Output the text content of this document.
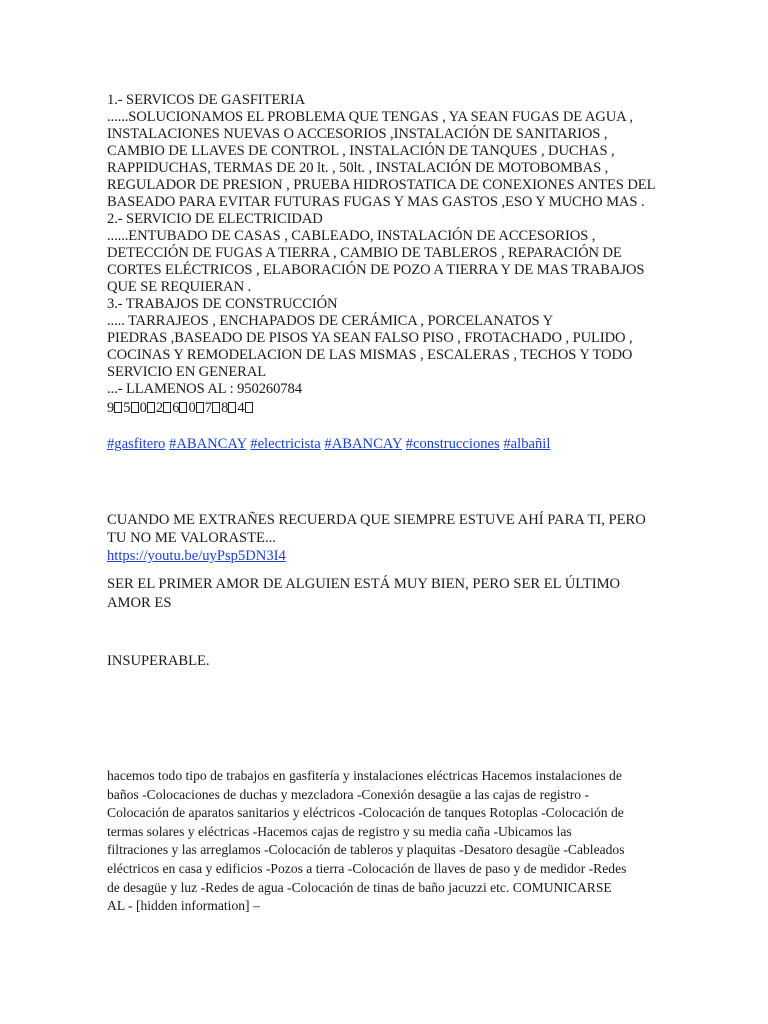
1.- SERVICOS DE GASFITERIA
......SOLUCIONAMOS EL PROBLEMA QUE TENGAS , YA SEAN FUGAS DE AGUA ,
INSTALACIONES NUEVAS O ACCESORIOS ,INSTALACIÓN DE SANITARIOS ,
CAMBIO DE LLAVES DE CONTROL , INSTALACIÓN DE TANQUES , DUCHAS ,
RAPPIDUCHAS, TERMAS DE 20 lt. , 50lt. , INSTALACIÓN DE MOTOBOMBAS ,
REGULADOR DE PRESION , PRUEBA HIDROSTATICA DE CONEXIONES ANTES DEL
BASEADO PARA EVITAR FUTURAS FUGAS Y MAS GASTOS ,ESO Y MUCHO MAS .
2.- SERVICIO DE ELECTRICIDAD
......ENTUBADO DE CASAS , CABLEADO, INSTALACIÓN DE ACCESORIOS ,
DETECCIÓN DE FUGAS A TIERRA , CAMBIO DE TABLEROS , REPARACIÓN DE
CORTES ELÉCTRICOS , ELABORACIÓN DE POZO A TIERRA Y DE MAS TRABAJOS
QUE SE REQUIERAN .
3.- TRABAJOS DE CONSTRUCCIÓN
..... TARRAJEOS , ENCHAPADOS DE CERÁMICA , PORCELANATOS Y
PIEDRAS ,BASEADO DE PISOS YA SEAN FALSO PISO , FROTACHADO , PULIDO ,
COCINAS Y REMODELACION DE LAS MISMAS , ESCALERAS , TECHOS Y TODO
SERVICIO EN GENERAL
...- LLAMENOS AL : 950260784
9 5 0 2 6 0 7 8 4
#gasfitero #ABANCAY #electricista #ABANCAY #construcciones #albañil
CUANDO ME EXTRAÑES RECUERDA QUE SIEMPRE ESTUVE AHÍ PARA TI, PERO
TU NO ME VALORASTE...
https://youtu.be/uyPsp5DN3I4
SER EL PRIMER AMOR DE ALGUIEN ESTÁ MUY BIEN, PERO SER EL ÚLTIMO
AMOR ES
INSUPERABLE.
hacemos todo tipo de trabajos en gasfitería y instalaciones eléctricas Hacemos instalaciones de
baños -Colocaciones de duchas y mezcladora -Conexión desagüe a las cajas de registro -
Colocación de aparatos sanitarios y eléctricos -Colocación de tanques Rotoplas -Colocación de
termas solares y eléctricas -Hacemos cajas de registro y su media caña -Ubicamos las
filtraciones y las arreglamos -Colocación de tableros y plaquitas -Desatoro desagüe -Cableados
eléctricos en casa y edificios -Pozos a tierra -Colocación de llaves de paso y de medidor -Redes
de desagüe y luz -Redes de agua -Colocación de tinas de baño jacuzzi etc. COMUNICARSE
AL - [hidden information] –
